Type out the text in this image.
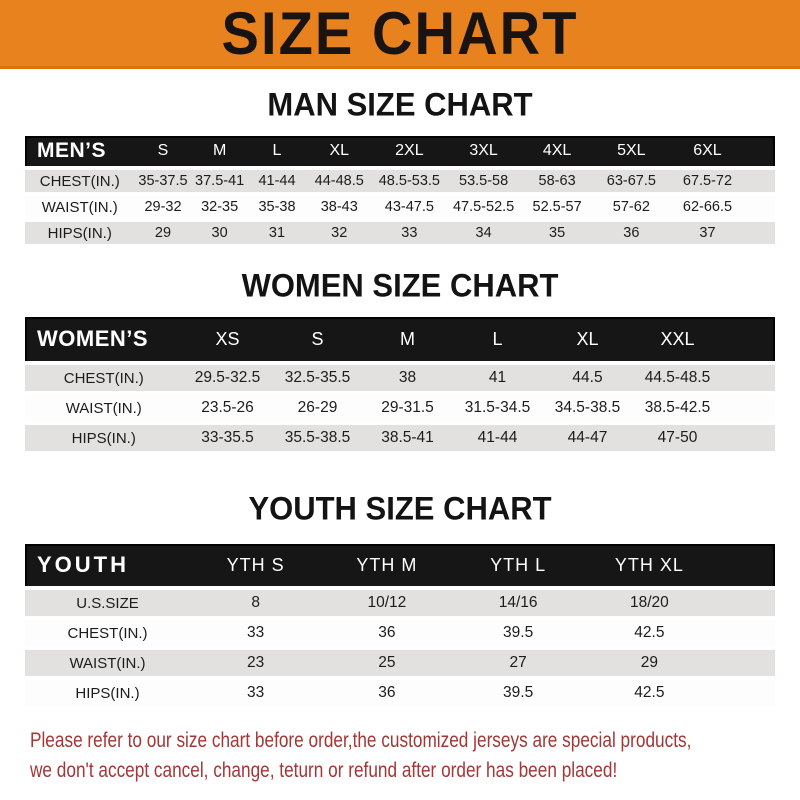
SIZE CHART
MAN SIZE CHART
MEN’S	S	M	L	XL	2XL	3XL	4XL	5XL	6XL	
CHEST(IN.)	35-37.5	37.5-41	41-44	44-48.5	48.5-53.5	53.5-58	58-63	63-67.5	67.5-72	
WAIST(IN.)	29-32	32-35	35-38	38-43	43-47.5	47.5-52.5	52.5-57	57-62	62-66.5	
HIPS(IN.)	29	30	31	32	33	34	35	36	37	
WOMEN SIZE CHART
WOMEN’S	XS	S	M	L	XL	XXL	
CHEST(IN.)	29.5-32.5	32.5-35.5	38	41	44.5	44.5-48.5	
WAIST(IN.)	23.5-26	26-29	29-31.5	31.5-34.5	34.5-38.5	38.5-42.5	
HIPS(IN.)	33-35.5	35.5-38.5	38.5-41	41-44	44-47	47-50	
YOUTH SIZE CHART
YOUTH	YTH S	YTH M	YTH L	YTH XL	
U.S.SIZE	8	10/12	14/16	18/20	
CHEST(IN.)	33	36	39.5	42.5	
WAIST(IN.)	23	25	27	29	
HIPS(IN.)	33	36	39.5	42.5	

Please refer to our size chart before order,the customized jerseys are special products,

we don't accept cancel, change, teturn or refund after order has been placed!
